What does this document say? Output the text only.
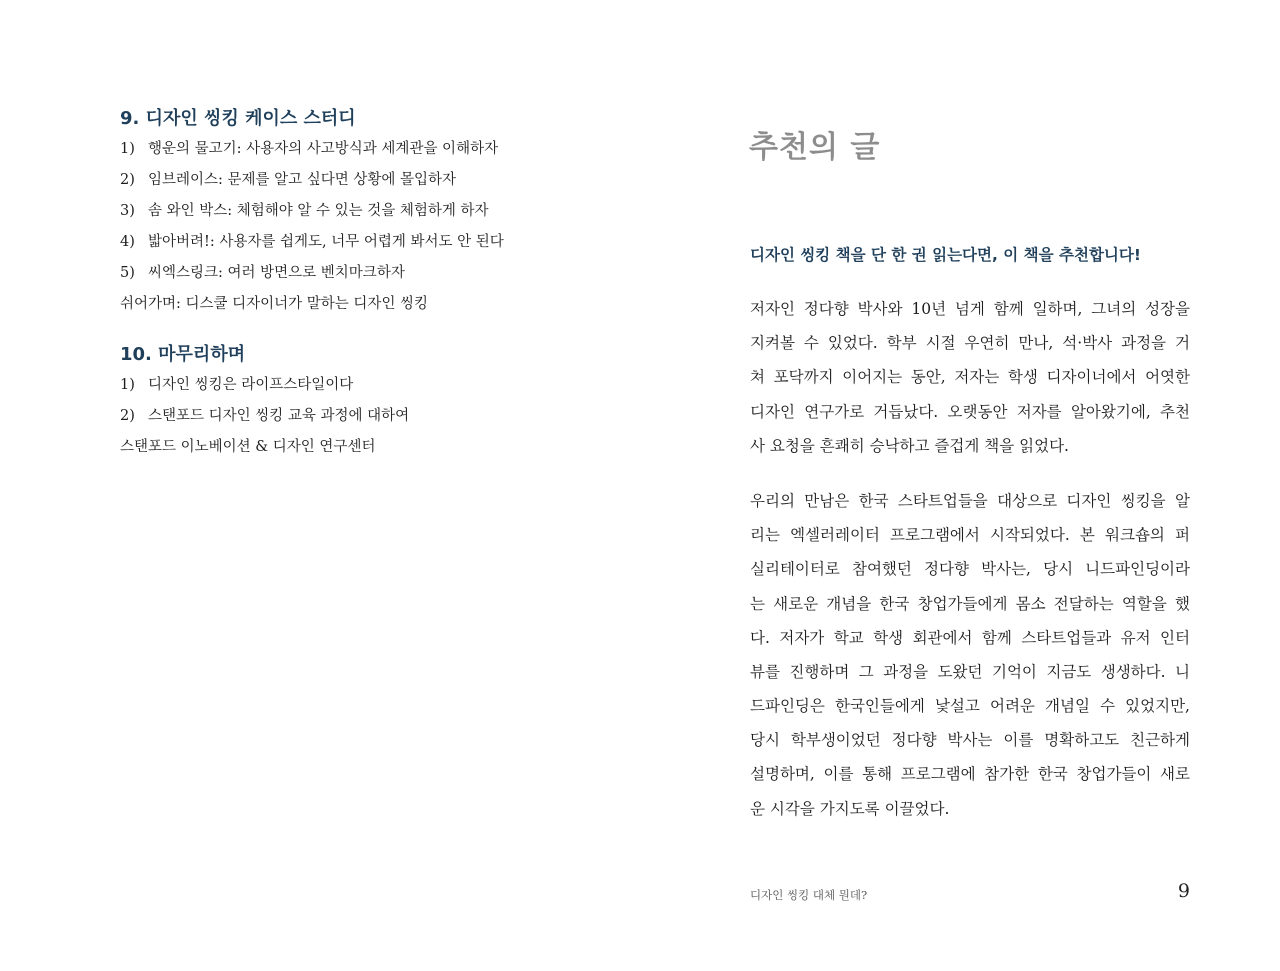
9. 디자인 씽킹 케이스 스터디
1) 행운의 물고기: 사용자의 사고방식과 세계관을 이해하자
2) 임브레이스: 문제를 알고 싶다면 상황에 몰입하자
3) 솜 와인 박스: 체험해야 알 수 있는 것을 체험하게 하자
4) 밟아버려!: 사용자를 쉽게도, 너무 어렵게 봐서도 안 된다
5) 씨엑스링크: 여러 방면으로 벤치마크하자
쉬어가며: 디스쿨 디자이너가 말하는 디자인 씽킹
10. 마무리하며
1) 디자인 씽킹은 라이프스타일이다
2) 스탠포드 디자인 씽킹 교육 과정에 대하여
스탠포드 이노베이션 & 디자인 연구센터
추천의 글
디자인 씽킹 책을 단 한 권 읽는다면, 이 책을 추천합니다!

저자인 정다향 박사와 10년 넘게 함께 일하며, 그녀의 성장을
지켜볼 수 있었다. 학부 시절 우연히 만나, 석·박사 과정을 거
쳐 포닥까지 이어지는 동안, 저자는 학생 디자이너에서 어엿한
디자인 연구가로 거듭났다. 오랫동안 저자를 알아왔기에, 추천
사 요청을 흔쾌히 승낙하고 즐겁게 책을 읽었다.

우리의 만남은 한국 스타트업들을 대상으로 디자인 씽킹을 알
리는 엑셀러레이터 프로그램에서 시작되었다. 본 워크숍의 퍼
실리테이터로 참여했던 정다향 박사는, 당시 니드파인딩이라
는 새로운 개념을 한국 창업가들에게 몸소 전달하는 역할을 했
다. 저자가 학교 학생 회관에서 함께 스타트업들과 유저 인터
뷰를 진행하며 그 과정을 도왔던 기억이 지금도 생생하다. 니
드파인딩은 한국인들에게 낯설고 어려운 개념일 수 있었지만,
당시 학부생이었던 정다향 박사는 이를 명확하고도 친근하게
설명하며, 이를 통해 프로그램에 참가한 한국 창업가들이 새로
운 시각을 가지도록 이끌었다.

디자인 씽킹 대체 뭔데?	9
